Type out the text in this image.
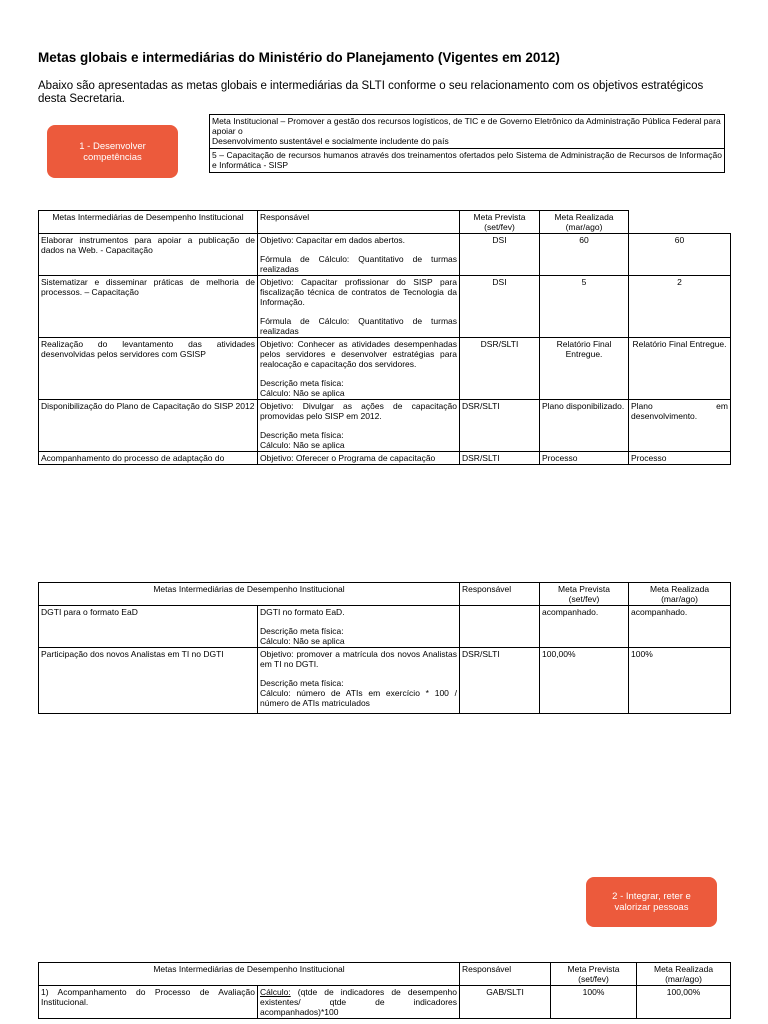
Metas globais e intermediárias do Ministério do Planejamento (Vigentes em 2012)
Abaixo são apresentadas as metas globais e intermediárias da SLTI conforme o seu relacionamento com os objetivos estratégicos desta Secretaria.
1 - Desenvolver
competências
Meta Institucional – Promover a gestão dos recursos logísticos, de TIC e de Governo Eletrônico da Administração Pública Federal para apoiar o
Desenvolvimento sustentável e socialmente includente do país
5 – Capacitação de recursos humanos através dos treinamentos ofertados pelo Sistema de Administração de Recursos de Informação e Informática - SISP
Metas Intermediárias de Desempenho Institucional	Responsável	Meta Prevista
(set/fev)	Meta Realizada
(mar/ago)	
Elaborar instrumentos para apoiar a publicação de dados na Web. - Capacitação	Objetivo: Capacitar em dados abertos.
Fórmula de Cálculo: Quantitativo de turmas realizadas	DSI	60	60
Sistematizar e disseminar práticas de melhoria de processos. – Capacitação	Objetivo: Capacitar profissionar do SISP para fiscalização técnica de contratos de Tecnologia da Informação.
Fórmula de Cálculo: Quantitativo de turmas realizadas	DSI	5	2
Realização do levantamento das atividades desenvolvidas pelos servidores com GSISP	Objetivo: Conhecer as atividades desempenhadas pelos servidores e desenvolver estratégias para realocação e capacitação dos servidores.
Descrição meta física:
Cálculo: Não se aplica	DSR/SLTI	Relatório Final Entregue.	Relatório Final Entregue.
Disponibilização do Plano de Capacitação do SISP 2012	Objetivo: Divulgar as ações de capacitação promovidas pelo SISP em 2012.
Descrição meta física:
Cálculo: Não se aplica	DSR/SLTI	Plano disponibilizado.	Plano em desenvolvimento.
Acompanhamento do processo de adaptação do	Objetivo: Oferecer o Programa de capacitação	DSR/SLTI	Processo	Processo
Metas Intermediárias de Desempenho Institucional		Responsável	Meta Prevista
(set/fev)	Meta Realizada
(mar/ago)
DGTI para o formato EaD	DGTI no formato EaD.
Descrição meta física:
Cálculo: Não se aplica		acompanhado.	acompanhado.
Participação dos novos Analistas em TI no DGTI	Objetivo: promover a matrícula dos novos Analistas em TI no DGTI.
Descrição meta física:
Cálculo: número de ATIs em exercício * 100 / número de ATIs matriculados	DSR/SLTI	100,00%	100%
2 - Integrar, reter e
valorizar pessoas
Metas Intermediárias de Desempenho Institucional		Responsável	Meta Prevista
(set/fev)	Meta Realizada
(mar/ago)
1) Acompanhamento do Processo de Avaliação Institucional.	Cálculo: (qtde de indicadores de desempenho existentes/ qtde de indicadores acompanhados)*100	GAB/SLTI	100%	100,00%
